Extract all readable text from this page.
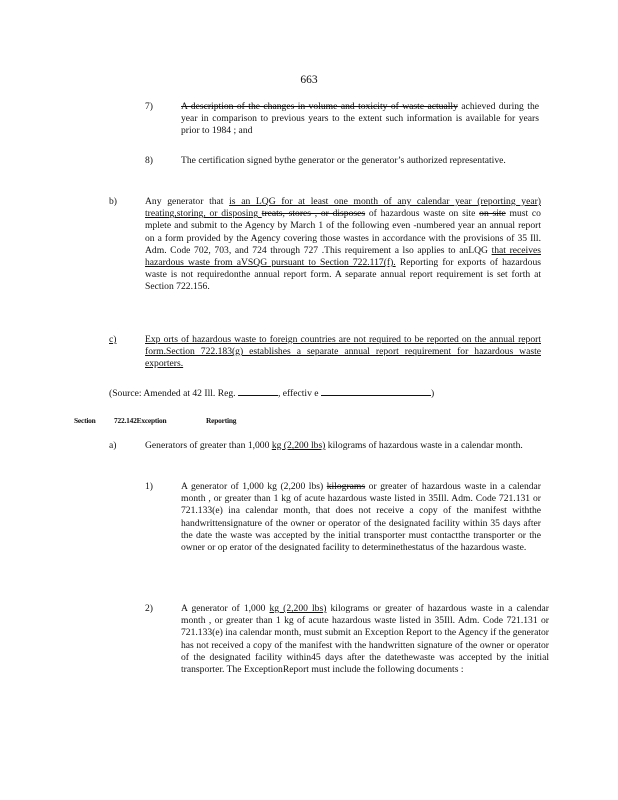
663
7)	A description of the changes in volume and toxicity of waste actually achieved during the year in comparison to previous years to the extent such information is available for years prior to 1984 ; and
8)	The certification signed bythe generator or the generator’s authorized representative.
b)	Any generator that is an LQG for at least one month of any calendar year (reporting year) treating,storing, or disposing treats, stores , or disposes of hazardous waste on site on site must co mplete and submit to the Agency by March 1 of the following even -numbered year an annual report on a form provided by the Agency covering those wastes in accordance with the provisions of 35 Ill. Adm. Code 702, 703, and 724 through 727 .This requirement a lso applies to anLQG that receives hazardous waste from aVSQG pursuant to Section 722.117(f). Reporting for exports of hazardous waste is not requiredonthe annual report form. A separate annual report requirement is set forth at Section 722.156.
c)	Exp orts of hazardous waste to foreign countries are not required to be reported on the annual report form.Section 722.183(g) establishes a separate annual report requirement for hazardous waste exporters.
(Source: Amended at 42 Ill. Reg.	, effectiv e	)
Section 722.142Exception	Reporting
a)	Generators of greater than 1,000 kg (2,200 lbs) kilograms of hazardous waste in a calendar month.
1)	A generator of 1,000 kg (2,200 lbs) kilograms or greater of hazardous waste in a calendar month , or greater than 1 kg of acute hazardous waste listed in 35Ill. Adm. Code 721.131 or 721.133(e) ina calendar month, that does not receive a copy of the manifest withthe handwrittensignature of the owner or operator of the designated facility within 35 days after the date the waste was accepted by the initial transporter must contactthe transporter or the owner or op erator of the designated facility to determinethestatus of the hazardous waste.
2)	A generator of 1,000 kg (2,200 lbs) kilograms or greater of hazardous waste in a calendar month , or greater than 1 kg of acute hazardous waste listed in 35Ill. Adm. Code 721.131 or 721.133(e) ina calendar month, must submit an Exception Report to the Agency if the generator has not received a copy of the manifest with the handwritten signature of the owner or operator of the designated facility within45 days after the datethewaste was accepted by the initial transporter. The ExceptionReport must include the following documents :
